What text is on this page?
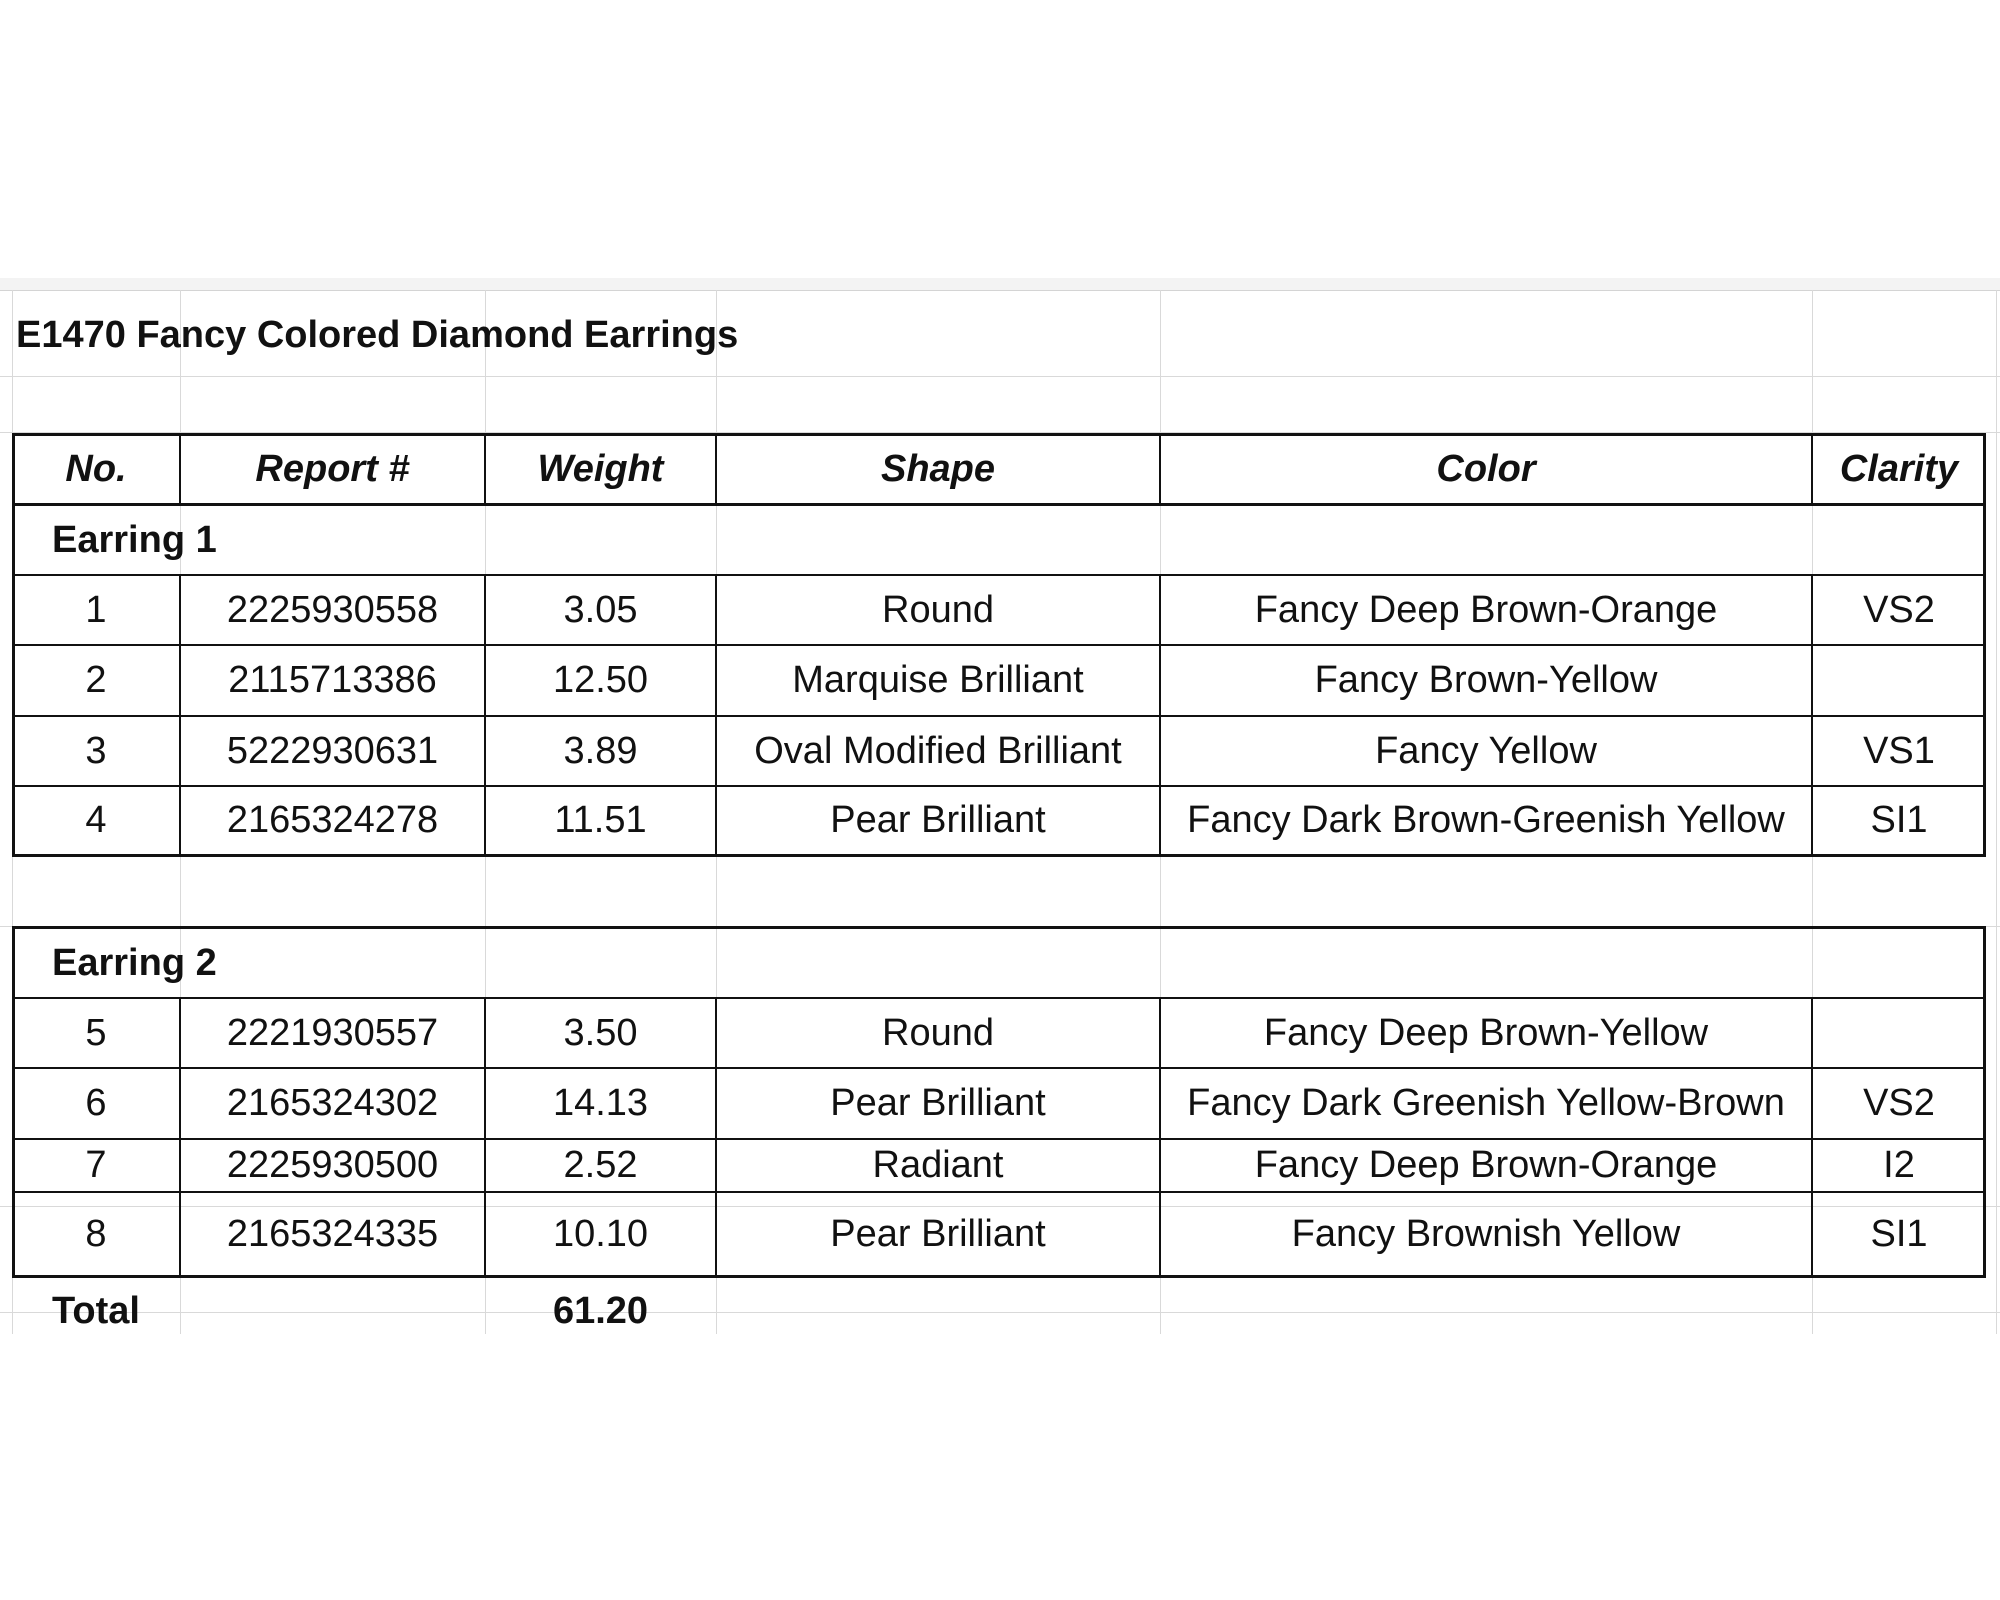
E1470 Fancy Colored Diamond Earrings
No.	Report #	Weight	Shape	Color	Clarity
Earring 1
1	2225930558	3.05	Round	Fancy Deep Brown-Orange	VS2
2	2115713386	12.50	Marquise Brilliant	Fancy Brown-Yellow
3	5222930631	3.89	Oval Modified Brilliant	Fancy Yellow	VS1
4	2165324278	11.51	Pear Brilliant	Fancy Dark Brown-Greenish Yellow	SI1
Earring 2
5	2221930557	3.50	Round	Fancy Deep Brown-Yellow
6	2165324302	14.13	Pear Brilliant	Fancy Dark Greenish Yellow-Brown	VS2
7	2225930500	2.52	Radiant	Fancy Deep Brown-Orange	I2
8	2165324335	10.10	Pear Brilliant	Fancy Brownish Yellow	SI1
Total	61.20
